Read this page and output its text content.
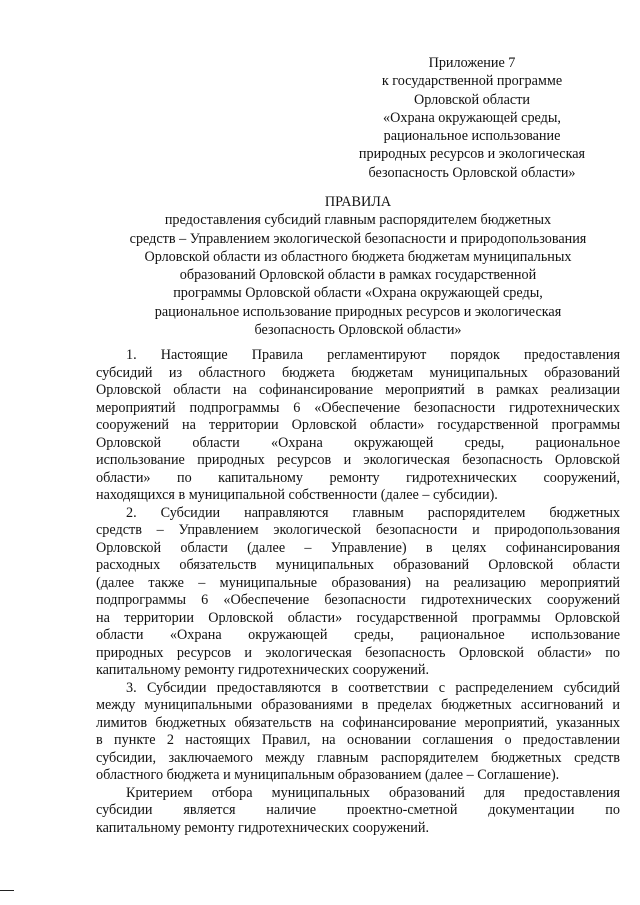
Приложение 7
к государственной программе
Орловской области
«Охрана окружающей среды,
рациональное использование
природных ресурсов и экологическая
безопасность Орловской области»
ПРАВИЛА
предоставления субсидий главным распорядителем бюджетных
средств – Управлением экологической безопасности и природопользования
Орловской области из областного бюджета бюджетам муниципальных
образований Орловской области в рамках государственной
программы Орловской области «Охрана окружающей среды,
рациональное использование природных ресурсов и экологическая
безопасность Орловской области»
1. Настоящие Правила регламентируют порядок предоставления
субсидий из областного бюджета бюджетам муниципальных образований
Орловской области на софинансирование мероприятий в рамках реализации
мероприятий подпрограммы 6 «Обеспечение безопасности гидротехнических
сооружений на территории Орловской области» государственной программы
Орловской области «Охрана окружающей среды, рациональное
использование природных ресурсов и экологическая безопасность Орловской
области» по капитальному ремонту гидротехнических сооружений,
находящихся в муниципальной собственности (далее – субсидии).
2. Субсидии направляются главным распорядителем бюджетных
средств – Управлением экологической безопасности и природопользования
Орловской области (далее – Управление) в целях софинансирования
расходных обязательств муниципальных образований Орловской области
(далее также – муниципальные образования) на реализацию мероприятий
подпрограммы 6 «Обеспечение безопасности гидротехнических сооружений
на территории Орловской области» государственной программы Орловской
области «Охрана окружающей среды, рациональное использование
природных ресурсов и экологическая безопасность Орловской области» по
капитальному ремонту гидротехнических сооружений.
3. Субсидии предоставляются в соответствии с распределением субсидий
между муниципальными образованиями в пределах бюджетных ассигнований и
лимитов бюджетных обязательств на софинансирование мероприятий, указанных
в пункте 2 настоящих Правил, на основании соглашения о предоставлении
субсидии, заключаемого между главным распорядителем бюджетных средств
областного бюджета и муниципальным образованием (далее – Соглашение).
Критерием отбора муниципальных образований для предоставления
субсидии является наличие проектно-сметной документации по
капитальному ремонту гидротехнических сооружений.
